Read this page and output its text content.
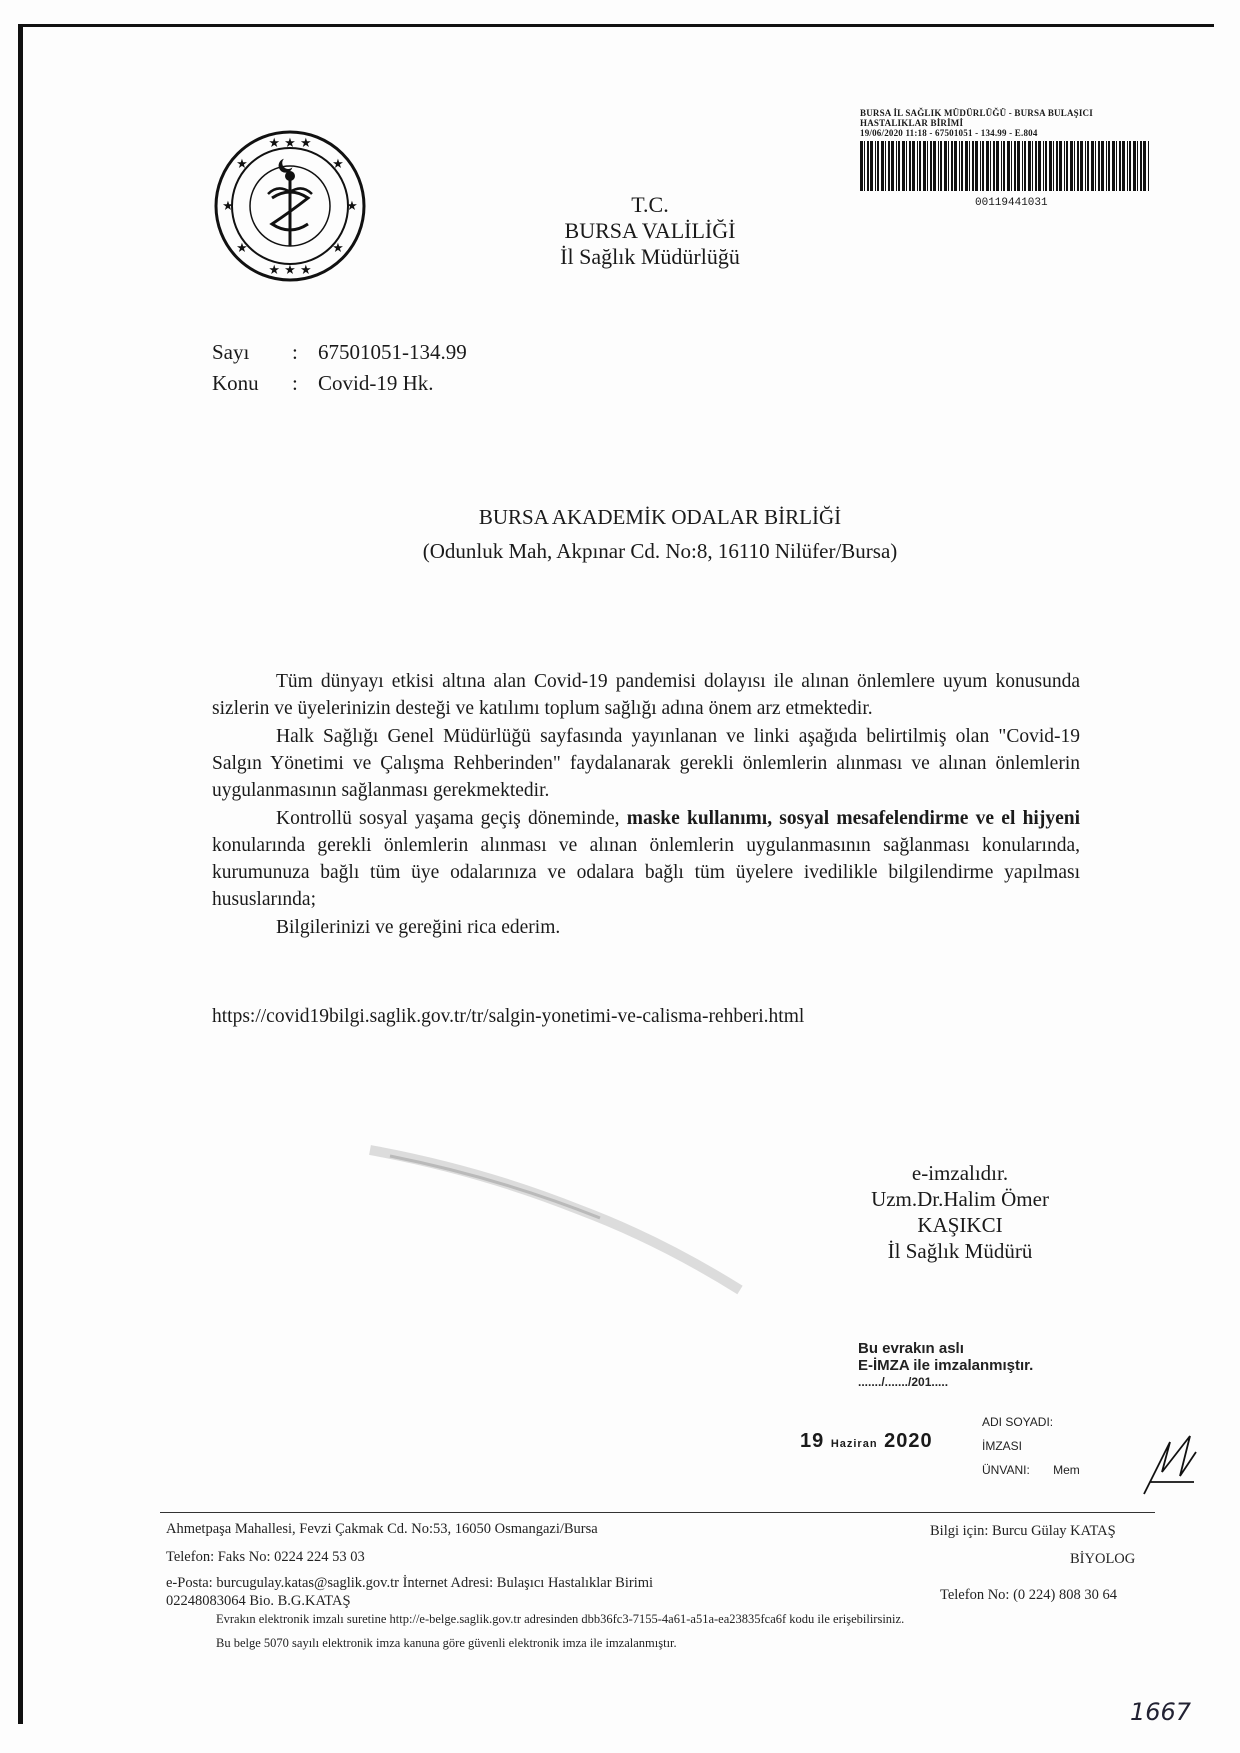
★ ★ ★
★ ★ ★
★	★
★	★
★	★
T.C.
BURSA VALİLİĞİ
İl Sağlık Müdürlüğü
BURSA İL SAĞLIK MÜDÜRLÜĞÜ - BURSA BULAŞICI
HASTALIKLAR BİRİMİ
19/06/2020 11:18 - 67501051 - 134.99 - E.804
00119441031
Sayı : 67501051-134.99
Konu : Covid-19 Hk.
BURSA AKADEMİK ODALAR BİRLİĞİ
(Odunluk Mah, Akpınar Cd. No:8, 16110 Nilüfer/Bursa)

Tüm dünyayı etkisi altına alan Covid-19 pandemisi dolayısı ile alınan önlemlere uyum konusunda sizlerin ve üyelerinizin desteği ve katılımı toplum sağlığı adına önem arz etmektedir.

Halk Sağlığı Genel Müdürlüğü sayfasında yayınlanan ve linki aşağıda belirtilmiş olan "Covid-19 Salgın Yönetimi ve Çalışma Rehberinden" faydalanarak gerekli önlemlerin alınması ve alınan önlemlerin uygulanmasının sağlanması gerekmektedir.

Kontrollü sosyal yaşama geçiş döneminde, maske kullanımı, sosyal mesafelendirme ve el hijyeni konularında gerekli önlemlerin alınması ve alınan önlemlerin uygulanmasının sağlanması konularında, kurumunuza bağlı tüm üye odalarınıza ve odalara bağlı tüm üyelere ivedilikle bilgilendirme yapılması hususlarında;

Bilgilerinizi ve gereğini rica ederim.

https://covid19bilgi.saglik.gov.tr/tr/salgin-yonetimi-ve-calisma-rehberi.html
e-imzalıdır.
Uzm.Dr.Halim Ömer
KAŞIKCI
İl Sağlık Müdürü
Bu evrakın aslı
E-İMZA ile imzalanmıştır.
......./......./201.....
19 Haziran 2020
ADI SOYADI:
İMZASI
ÜNVANI: Mem
Ahmetpaşa Mahallesi, Fevzi Çakmak Cd. No:53, 16050 Osmangazi/Bursa
Telefon: Faks No: 0224 224 53 03
e-Posta: burcugulay.katas@saglik.gov.tr İnternet Adresi: Bulaşıcı Hastalıklar Birimi
02248083064 Bio. B.G.KATAŞ
Bilgi için: Burcu Gülay KATAŞ
BİYOLOG
Telefon No: (0 224) 808 30 64
Evrakın elektronik imzalı suretine http://e-belge.saglik.gov.tr adresinden dbb36fc3-7155-4a61-a51a-ea23835fca6f kodu ile erişebilirsiniz.
Bu belge 5070 sayılı elektronik imza kanuna göre güvenli elektronik imza ile imzalanmıştır.
1667
